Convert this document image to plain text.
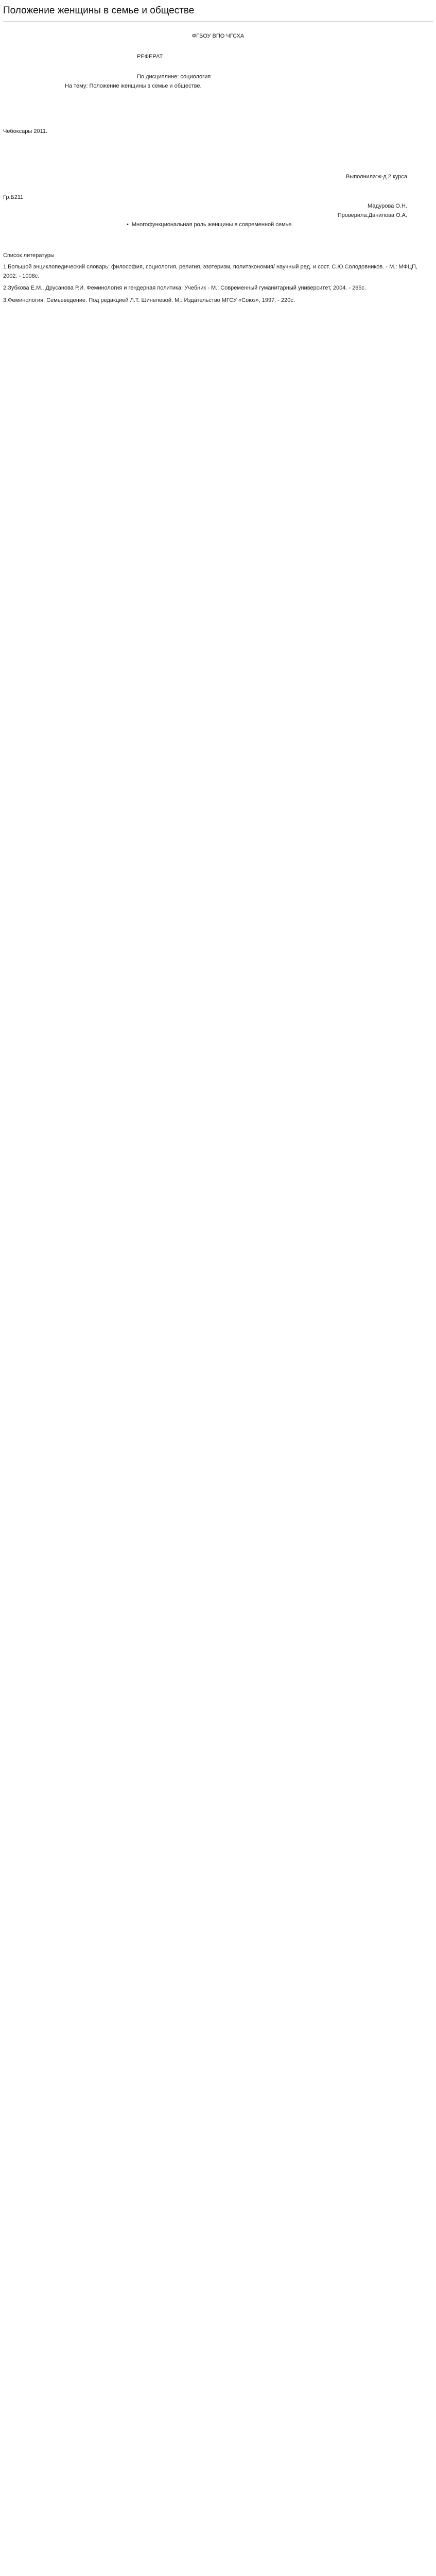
Положение женщины в семье и обществе
ФГБОУ ВПО ЧГСХА
РЕФЕРАТ
По дисциплине: социология
На тему: Положение женщины в семье и обществе.
Чебоксары 2011.
Выполнила:ж-д 2 курса
Гр.Б211
Мадурова О.Н.
Проверила:Данилова О.А.
• Многофункциональная роль женщины в современной семье.

Список литературы

1.Большой энциклопедический словарь: философия, социология, религия, эзотеризм, политэкономия/ научный ред. и сост. С.Ю.Солодовников. - М.: МФЦП, 2002. - 1008с.

2.Зубкова Е.М., Друсанова Р.И. Феминология и гендерная политика: Учебник - М.: Современный гуманитарный университет, 2004. - 265с.

3.Феминология. Семьеведение. Под редакцией Л.Т. Шинелевой. М.: Издательство МГСУ «Союз», 1997. - 220с.
